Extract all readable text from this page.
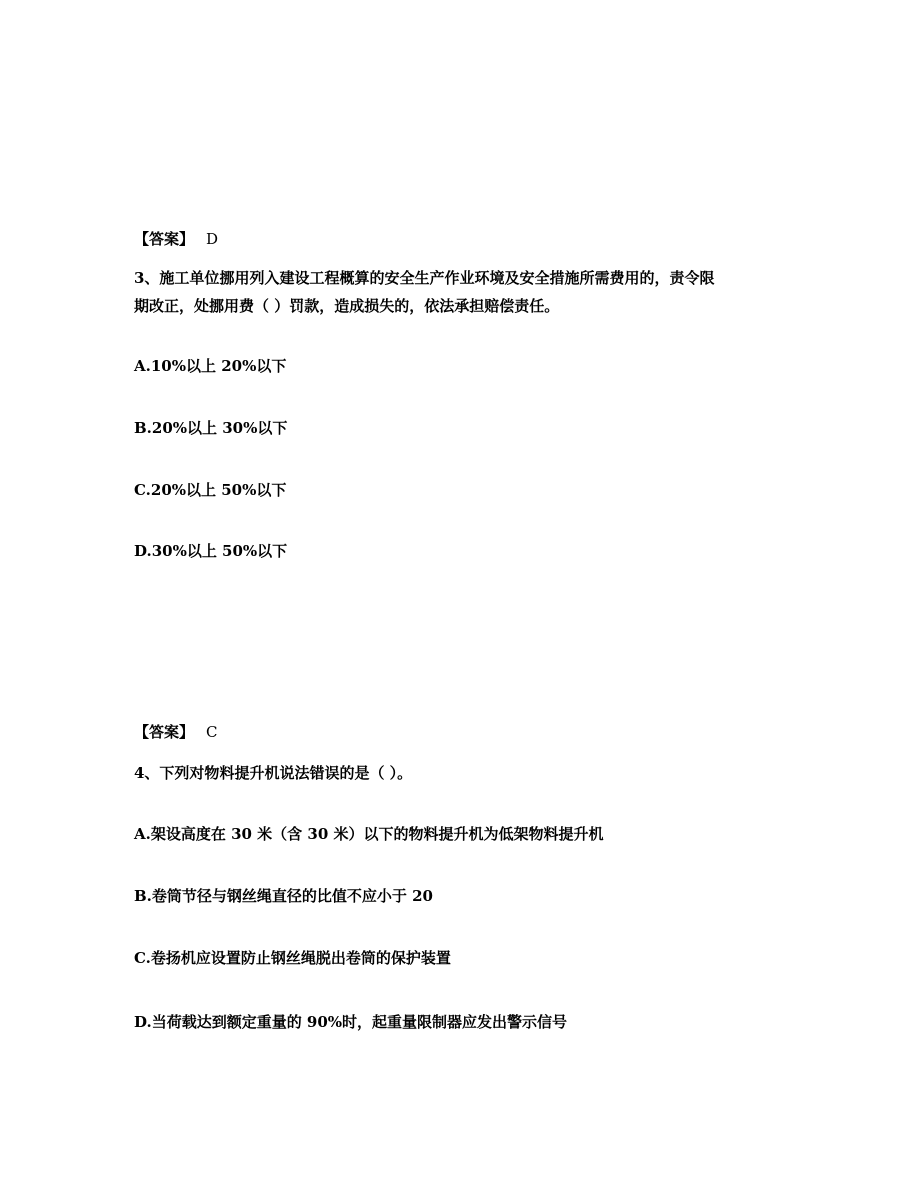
【答案】 D
3、施工单位挪用列入建设工程概算的安全生产作业环境及安全措施所需费用的，责令限
期改正，处挪用费（ ）罚款，造成损失的，依法承担赔偿责任。
A.10%以上 20%以下
B.20%以上 30%以下
C.20%以上 50%以下
D.30%以上 50%以下
【答案】 C
4、下列对物料提升机说法错误的是（ ）。
A.架设高度在 30 米（含 30 米）以下的物料提升机为低架物料提升机
B.卷筒节径与钢丝绳直径的比值不应小于 20
C.卷扬机应设置防止钢丝绳脱出卷筒的保护装置
D.当荷载达到额定重量的 90%时，起重量限制器应发出警示信号
